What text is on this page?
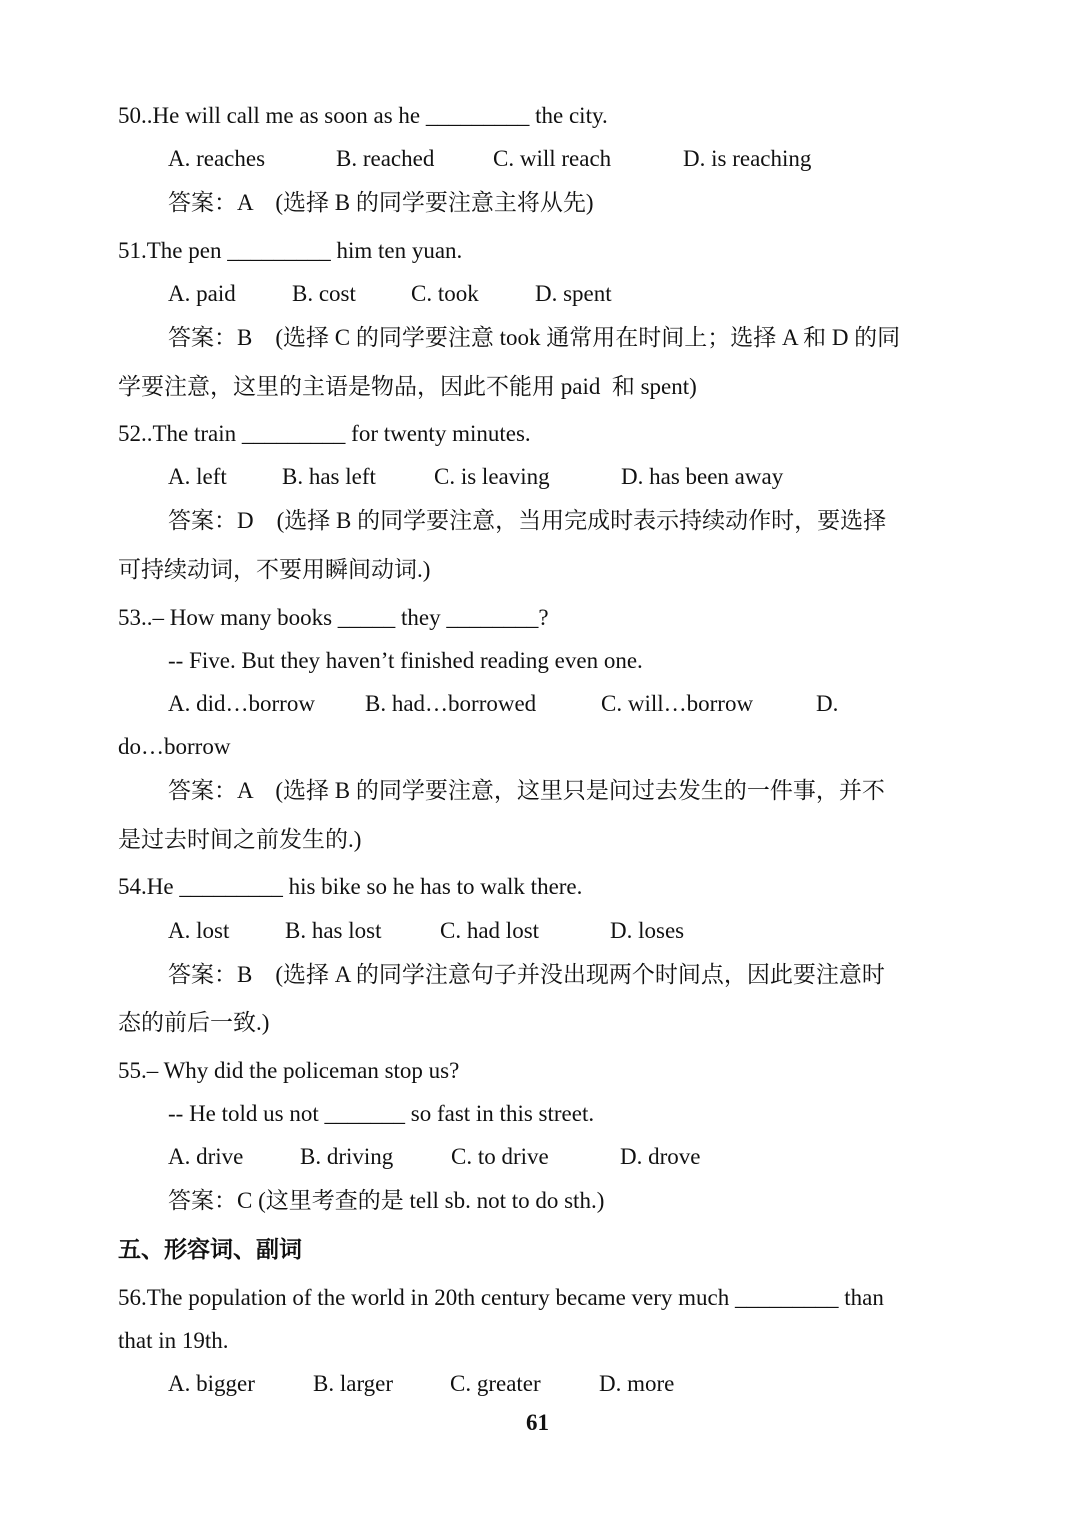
50..He will call me as soon as he _________ the city.
A. reaches	B. reached	C. will reach	D. is reaching
答案：A    (选择 B 的同学要注意主将从先)
51.The pen _________ him ten yuan.
A. paid B. cost C. took D. spent
答案：B    (选择 C 的同学要注意 took 通常用在时间上；选择 A 和 D 的同
学要注意，这里的主语是物品，因此不能用 paid  和 spent)
52..The train _________ for twenty minutes.
A. left B. has left	C. is leaving	D. has been away
答案：D    (选择 B 的同学要注意，当用完成时表示持续动作时，要选择
可持续动词，不要用瞬间动词.)
53..– How many books _____ they ________?
-- Five. But they haven’t finished reading even one.
A. did…borrow B. had…borrowed	C. will…borrow	D.
do…borrow
答案：A    (选择 B 的同学要注意，这里只是问过去发生的一件事，并不
是过去时间之前发生的.)
54.He _________ his bike so he has to walk there.
A. lost B. has lost	C. had lost	D. loses
答案：B    (选择 A 的同学注意句子并没出现两个时间点，因此要注意时
态的前后一致.)
55.– Why did the policeman stop us?
-- He told us not _______ so fast in this street.
A. drive B. driving	C. to drive	D. drove
答案：C (这里考查的是 tell sb. not to do sth.)
五、形容词、副词
56.The population of the world in 20th century became very much _________ than
that in 19th.
A. bigger	B. larger C. greater	D. more
61
